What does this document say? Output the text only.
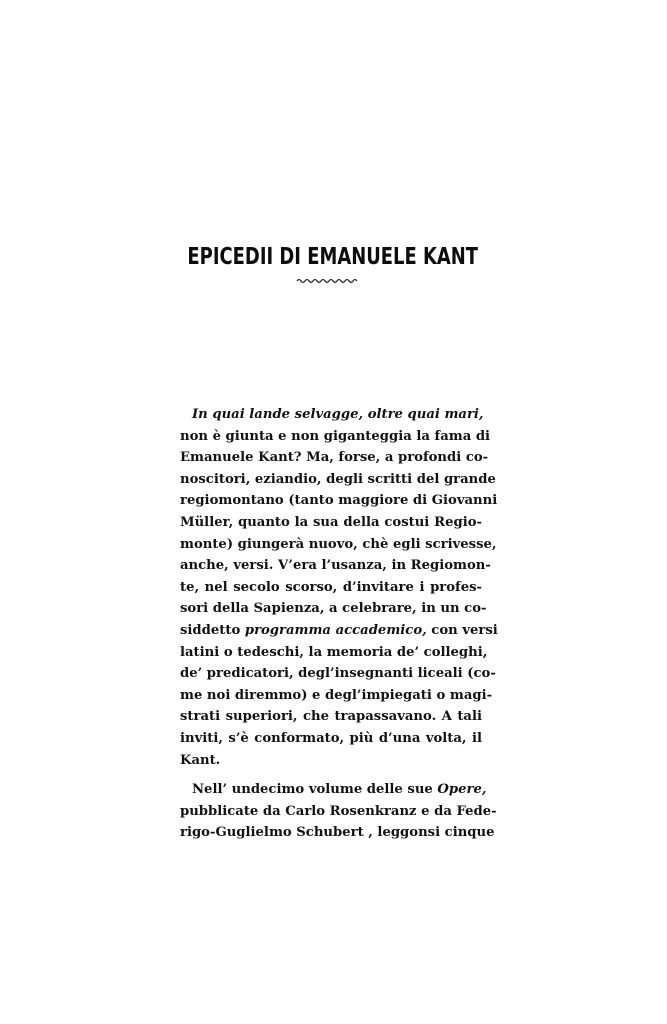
EPICEDII DI EMANUELE KANT
In quai lande selvagge, oltre quai mari,
non è giunta e non giganteggia la fama di
Emanuele Kant? Ma, forse, a profondi co-
noscitori, eziandio, degli scritti del grande
regiomontano (tanto maggiore di Giovanni
Müller, quanto la sua della costui Regio-
monte) giungerà nuovo, chè egli scrivesse,
anche, versi. V’era l’usanza, in Regiomon-
te, nel secolo scorso, d’invitare i profes-
sori della Sapienza, a celebrare, in un co-
siddetto programma accademico, con versi
latini o tedeschi, la memoria de’ colleghi,
de’ predicatori, degl’insegnanti liceali (co-
me noi diremmo) e degl’impiegati o magi-
strati superiori, che trapassavano. A tali
inviti, s’è conformato, più d’una volta, il
Kant.
Nell’ undecimo volume delle sue Opere,
pubblicate da Carlo Rosenkranz e da Fede-
rigo-Guglielmo Schubert , leggonsi cinque
